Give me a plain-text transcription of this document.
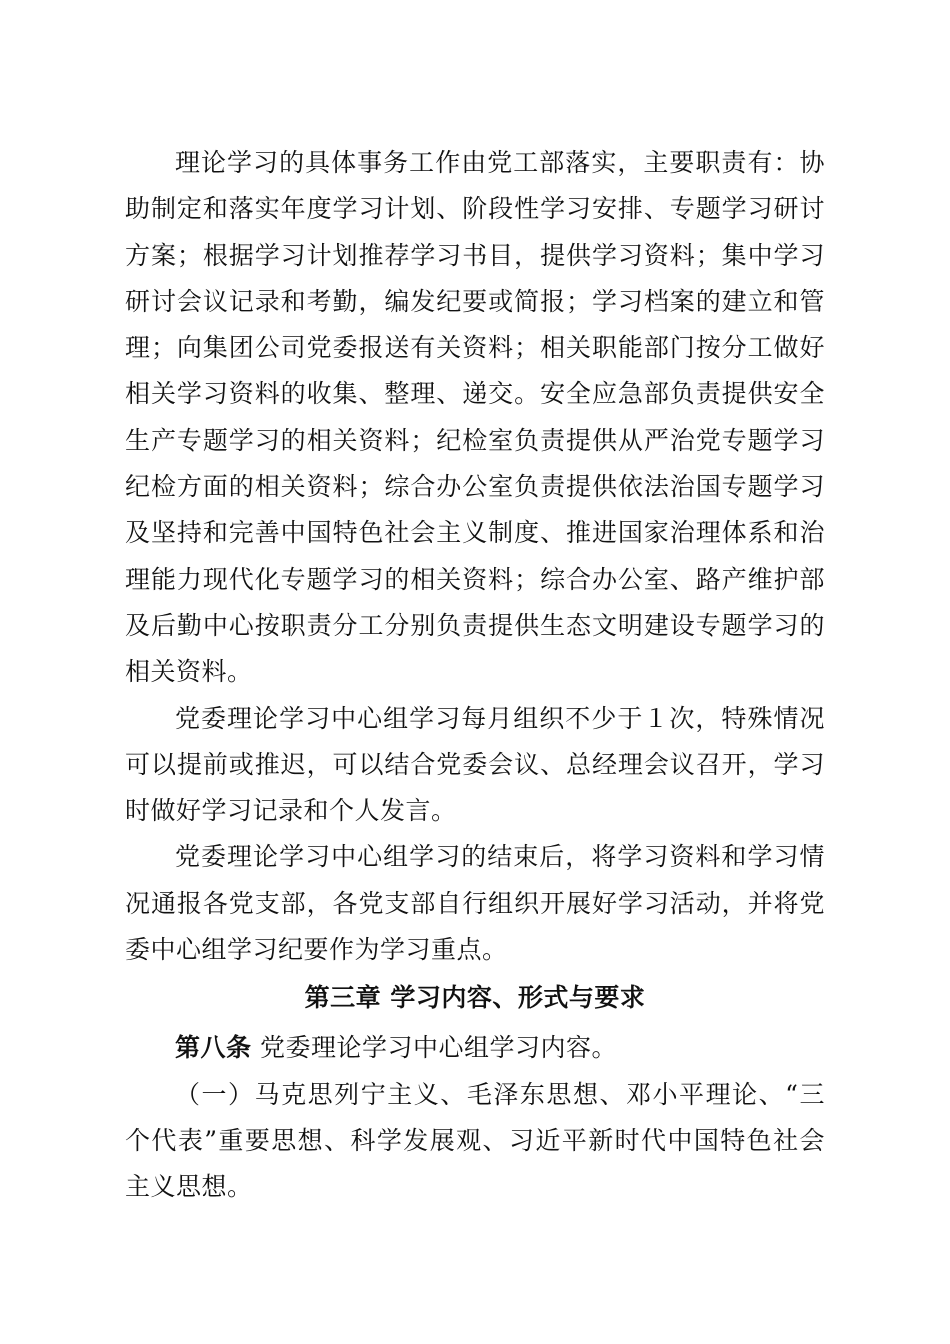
理论学习的具体事务工作由党工部落实，主要职责有：协助制定和落实年度学习计划、阶段性学习安排、专题学习研讨方案；根据学习计划推荐学习书目，提供学习资料；集中学习研讨会议记录和考勤，编发纪要或简报；学习档案的建立和管理；向集团公司党委报送有关资料；相关职能部门按分工做好相关学习资料的收集、整理、递交。安全应急部负责提供安全生产专题学习的相关资料；纪检室负责提供从严治党专题学习纪检方面的相关资料；综合办公室负责提供依法治国专题学习及坚持和完善中国特色社会主义制度、推进国家治理体系和治理能力现代化专题学习的相关资料；综合办公室、路产维护部及后勤中心按职责分工分别负责提供生态文明建设专题学习的相关资料。

党委理论学习中心组学习每月组织不少于１次，特殊情况可以提前或推迟，可以结合党委会议、总经理会议召开，学习时做好学习记录和个人发言。

党委理论学习中心组学习的结束后，将学习资料和学习情况通报各党支部，各党支部自行组织开展好学习活动，并将党委中心组学习纪要作为学习重点。

第三章 学习内容、形式与要求

第八条 党委理论学习中心组学习内容。

（一）马克思列宁主义、毛泽东思想、邓小平理论、“三个代表”重要思想、科学发展观、习近平新时代中国特色社会主义思想。
